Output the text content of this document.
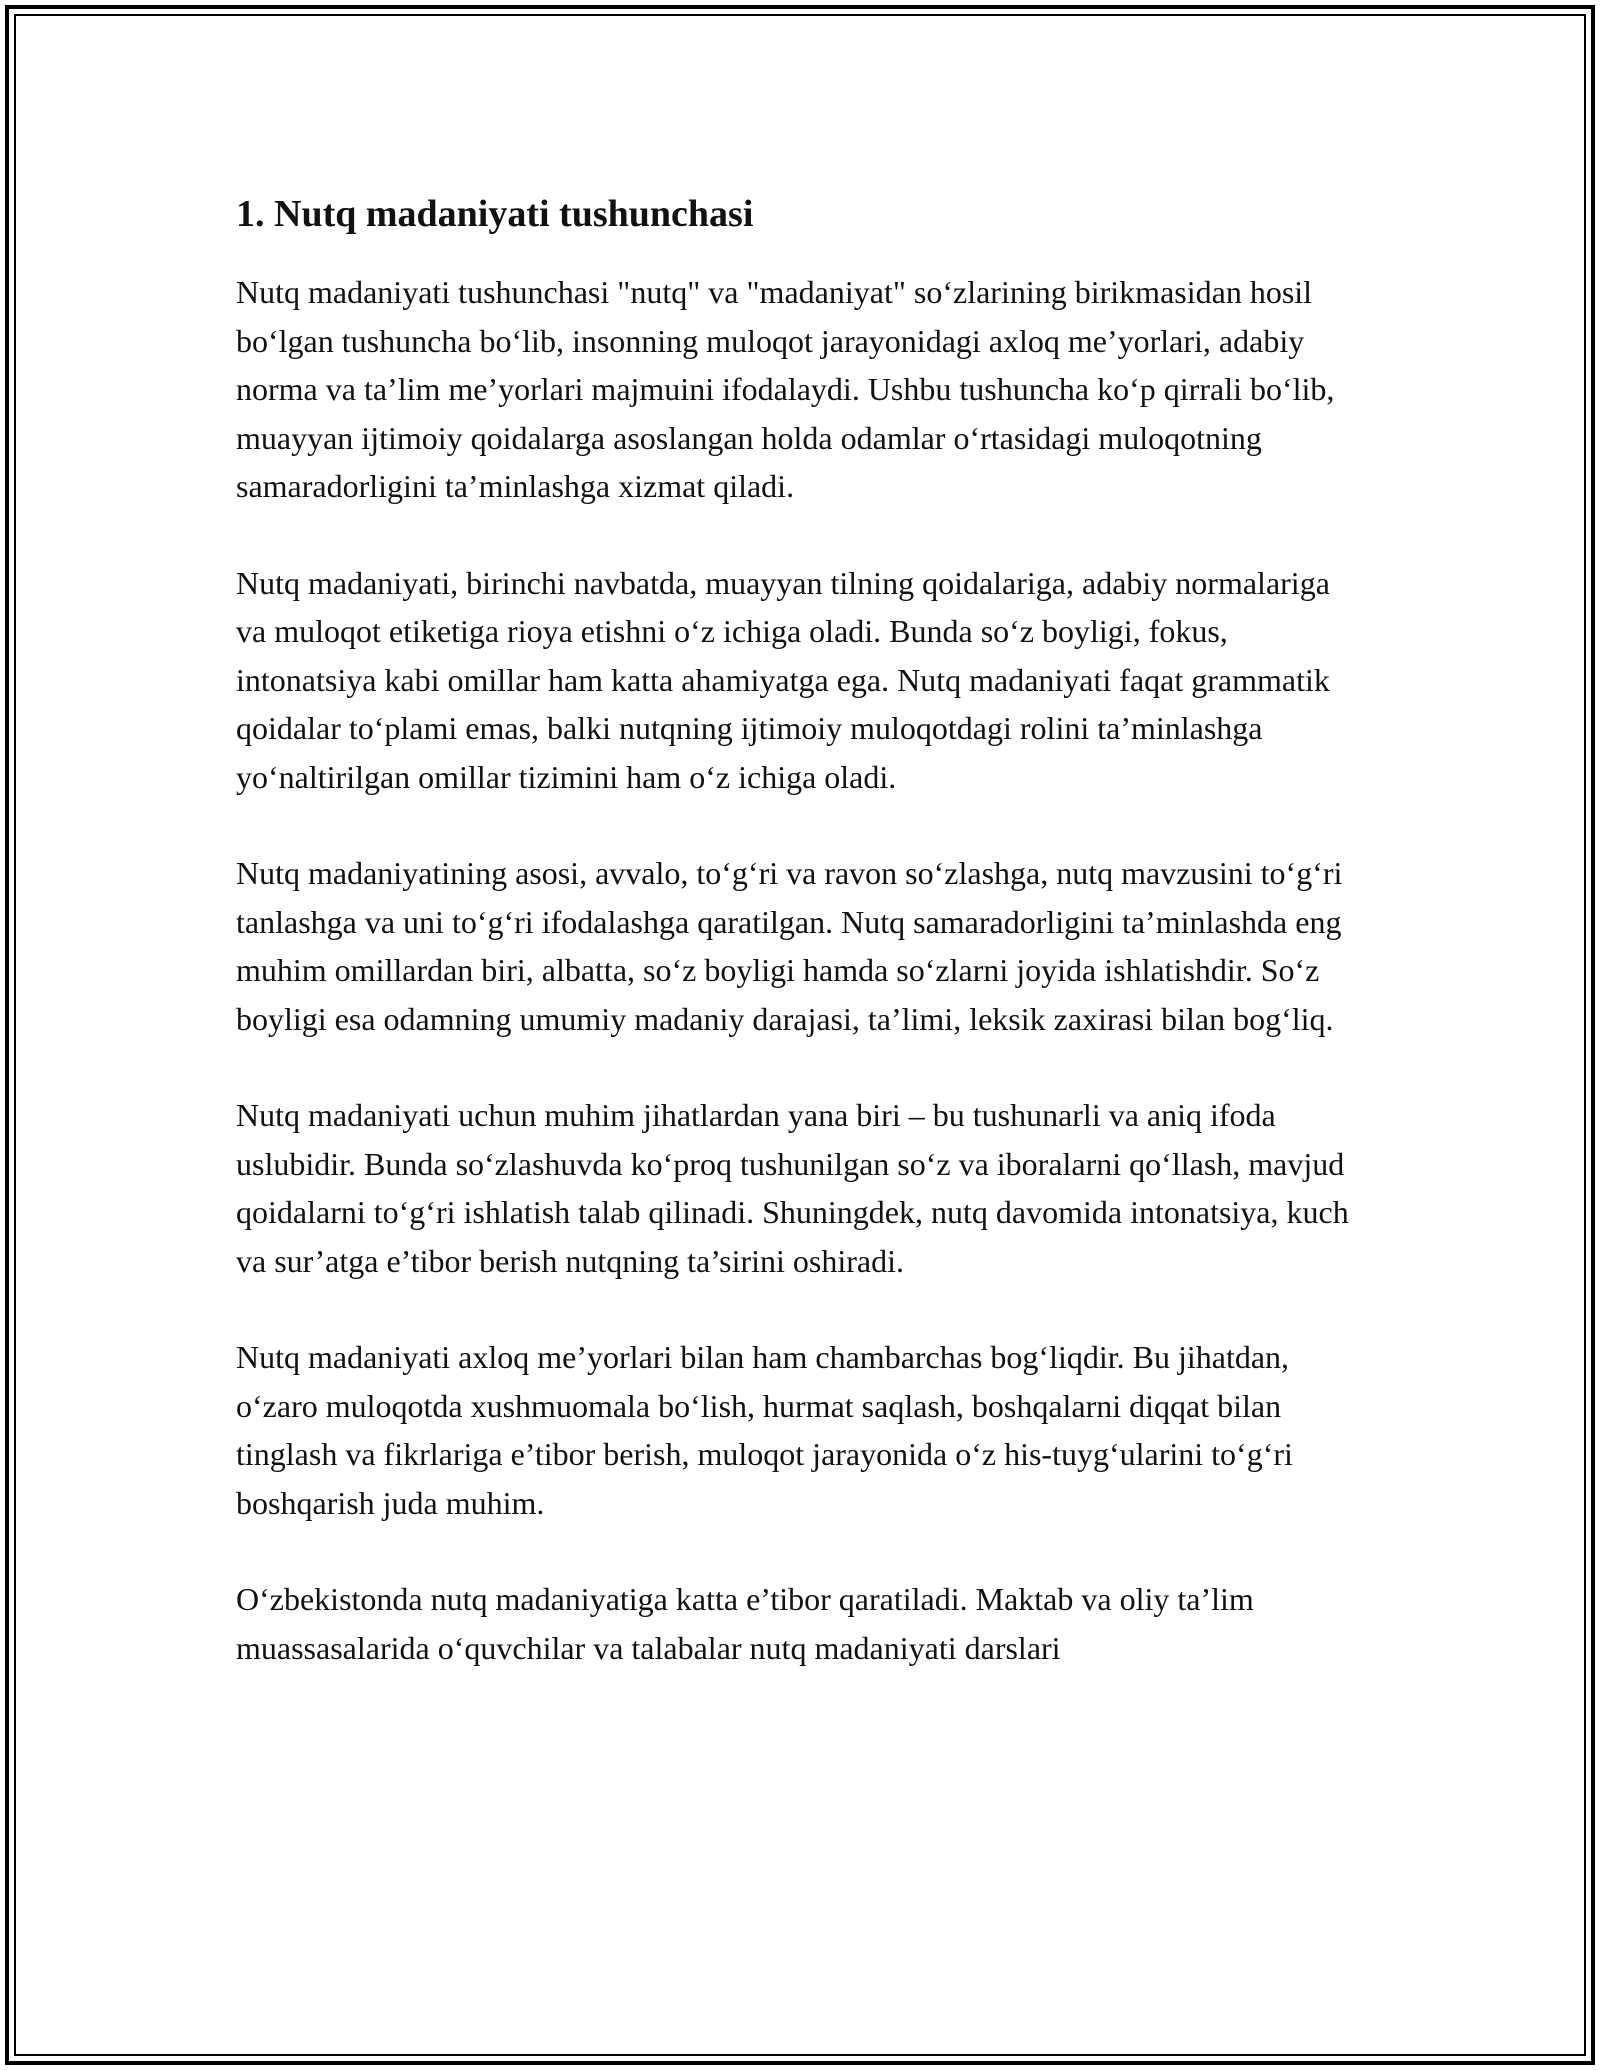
1. Nutq madaniyati tushunchasi

Nutq madaniyati tushunchasi "nutq" va "madaniyat" soʻzlarining birikmasidan hosil boʻlgan tushuncha boʻlib, insonning muloqot jarayonidagi axloq me’yorlari, adabiy norma va ta’lim me’yorlari majmuini ifodalaydi. Ushbu tushuncha koʻp qirrali boʻlib, muayyan ijtimoiy qoidalarga asoslangan holda odamlar oʻrtasidagi muloqotning samaradorligini ta’minlashga xizmat qiladi.

Nutq madaniyati, birinchi navbatda, muayyan tilning qoidalariga, adabiy normalariga va muloqot etiketiga rioya etishni oʻz ichiga oladi. Bunda soʻz boyligi, fokus, intonatsiya kabi omillar ham katta ahamiyatga ega. Nutq madaniyati faqat grammatik qoidalar toʻplami emas, balki nutqning ijtimoiy muloqotdagi rolini ta’minlashga yoʻnaltirilgan omillar tizimini ham oʻz ichiga oladi.

Nutq madaniyatining asosi, avvalo, toʻgʻri va ravon soʻzlashga, nutq mavzusini toʻgʻri tanlashga va uni toʻgʻri ifodalashga qaratilgan. Nutq samaradorligini ta’minlashda eng muhim omillardan biri, albatta, soʻz boyligi hamda soʻzlarni joyida ishlatishdir. Soʻz boyligi esa odamning umumiy madaniy darajasi, ta’limi, leksik zaxirasi bilan bogʻliq.

Nutq madaniyati uchun muhim jihatlardan yana biri – bu tushunarli va aniq ifoda uslubidir. Bunda soʻzlashuvda koʻproq tushunilgan soʻz va iboralarni qoʻllash, mavjud qoidalarni toʻgʻri ishlatish talab qilinadi. Shuningdek, nutq davomida intonatsiya, kuch va sur’atga e’tibor berish nutqning ta’sirini oshiradi.

Nutq madaniyati axloq me’yorlari bilan ham chambarchas bogʻliqdir. Bu jihatdan, oʻzaro muloqotda xushmuomala boʻlish, hurmat saqlash, boshqalarni diqqat bilan tinglash va fikrlariga e’tibor berish, muloqot jarayonida oʻz his-tuygʻularini toʻgʻri boshqarish juda muhim.

Oʻzbekistonda nutq madaniyatiga katta e’tibor qaratiladi. Maktab va oliy ta’lim muassasalarida oʻquvchilar va talabalar nutq madaniyati darslari
